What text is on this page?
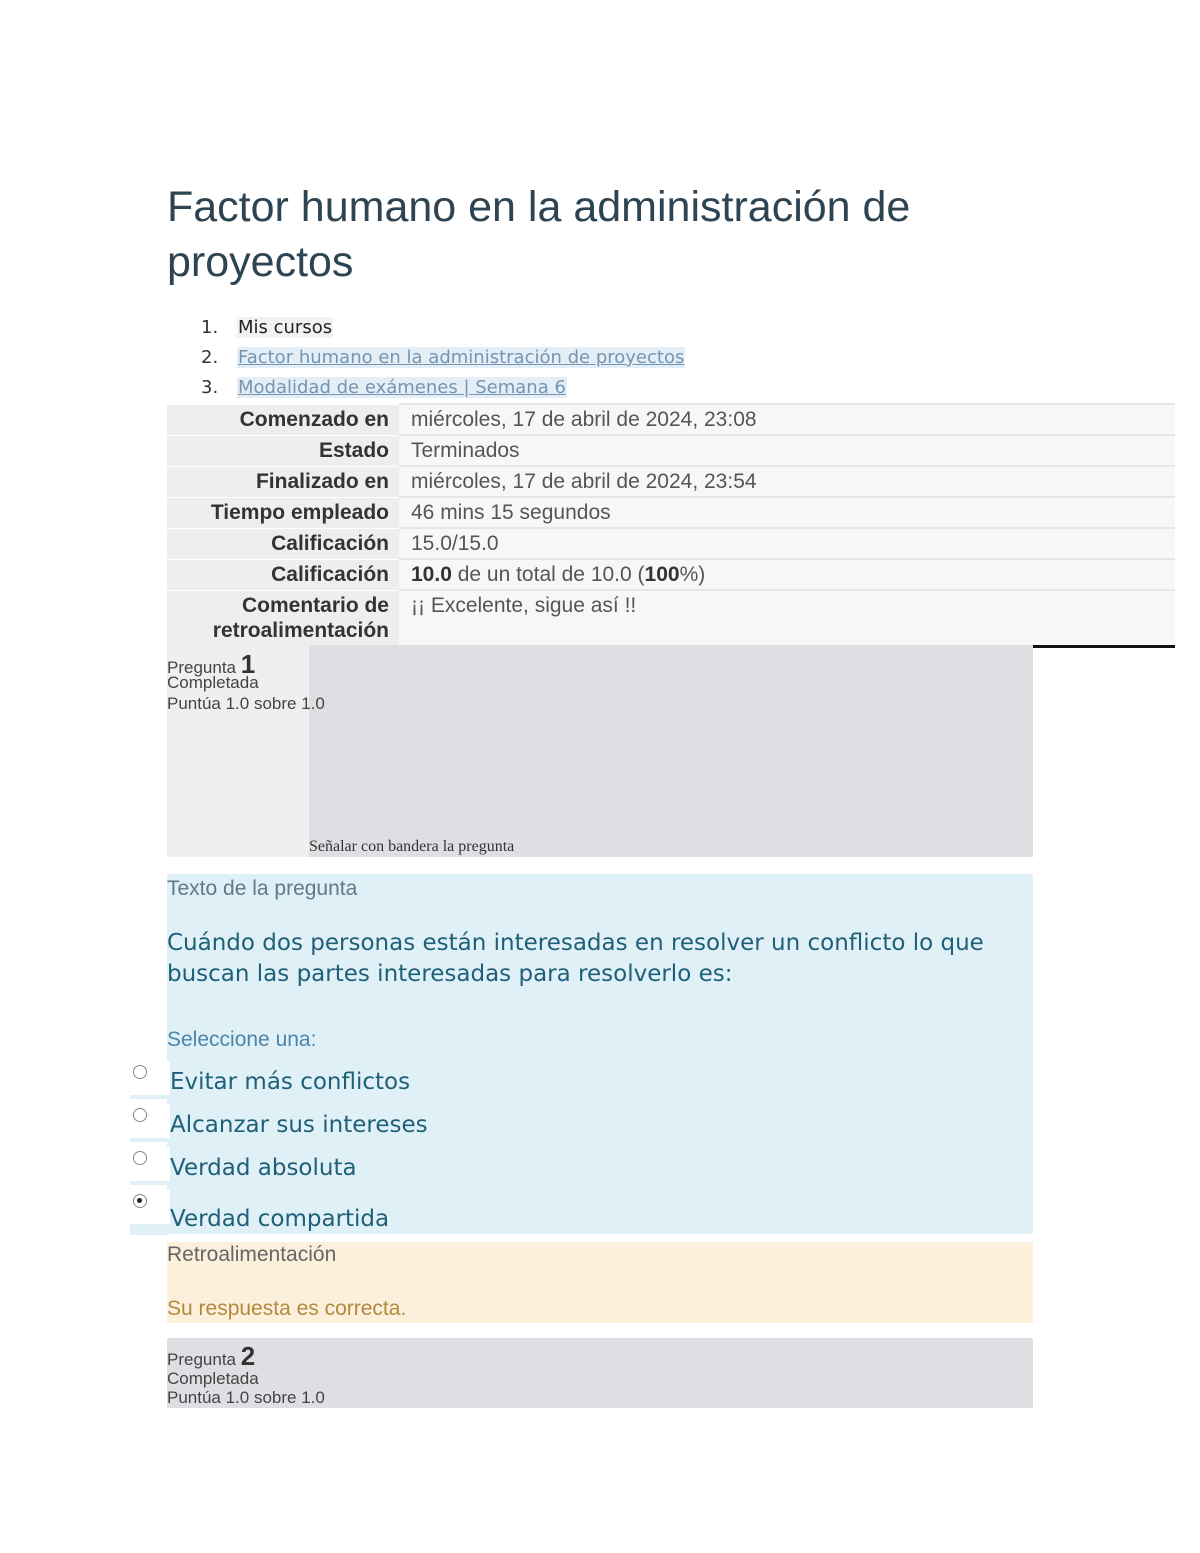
Factor humano en la administración de proyectos
1. Mis cursos
2. Factor humano en la administración de proyectos
3. Modalidad de exámenes | Semana 6
Comenzado en	miércoles, 17 de abril de 2024, 23:08
Estado	Terminados
Finalizado en	miércoles, 17 de abril de 2024, 23:54
Tiempo empleado	46 mins 15 segundos
Calificación	15.0/15.0
Calificación	10.0 de un total de 10.0 (100%)
Comentario de
retroalimentación	¡¡ Excelente, sigue así !!
Pregunta 1
Completada
Puntúa 1.0 sobre 1.0
Señalar con bandera la pregunta
Texto de la pregunta
Cuándo dos personas están interesadas en resolver un conflicto lo que buscan las partes interesadas para resolverlo es:
Seleccione una:
Evitar más conflictos
Alcanzar sus intereses
Verdad absoluta
Verdad compartida
Retroalimentación
Su respuesta es correcta.
Pregunta 2
Completada
Puntúa 1.0 sobre 1.0
